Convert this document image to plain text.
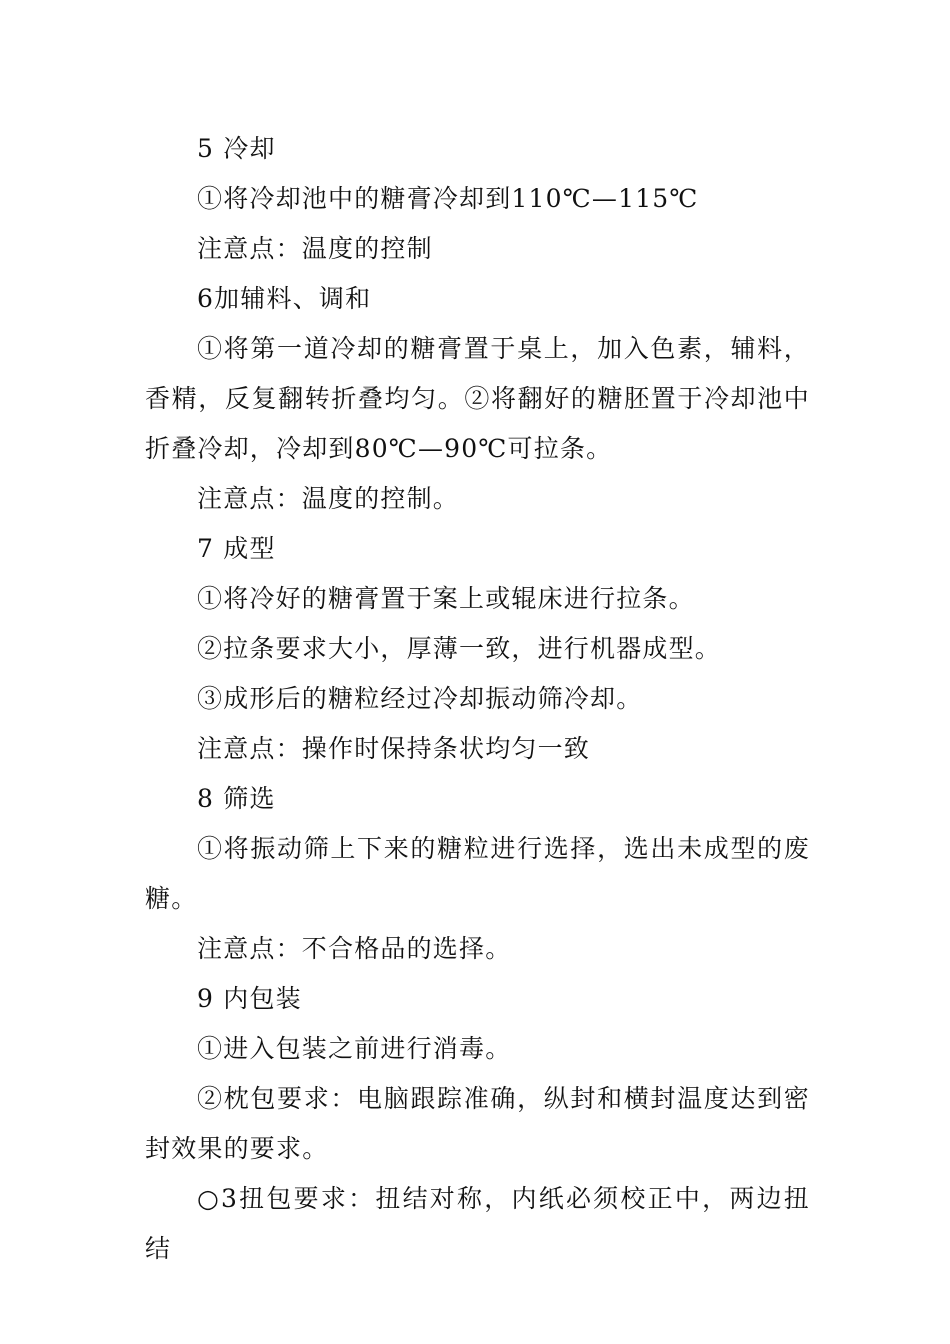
5 冷却

①将冷却池中的糖膏冷却到110℃—115℃

注意点：温度的控制

6加辅料、调和

①将第一道冷却的糖膏置于桌上，加入色素，辅料，香精，反复翻转折叠均匀。②将翻好的糖胚置于冷却池中折叠冷却，冷却到80℃—90℃可拉条。

注意点：温度的控制。

7 成型

①将冷好的糖膏置于案上或辊床进行拉条。

②拉条要求大小，厚薄一致，进行机器成型。

③成形后的糖粒经过冷却振动筛冷却。

注意点：操作时保持条状均匀一致

8 筛选

①将振动筛上下来的糖粒进行选择，选出未成型的废糖。

注意点：不合格品的选择。

9 内包装

①进入包装之前进行消毒。

②枕包要求：电脑跟踪准确，纵封和横封温度达到密封效果的要求。

○3扭包要求：扭结对称，内纸必须校正中，两边扭结
